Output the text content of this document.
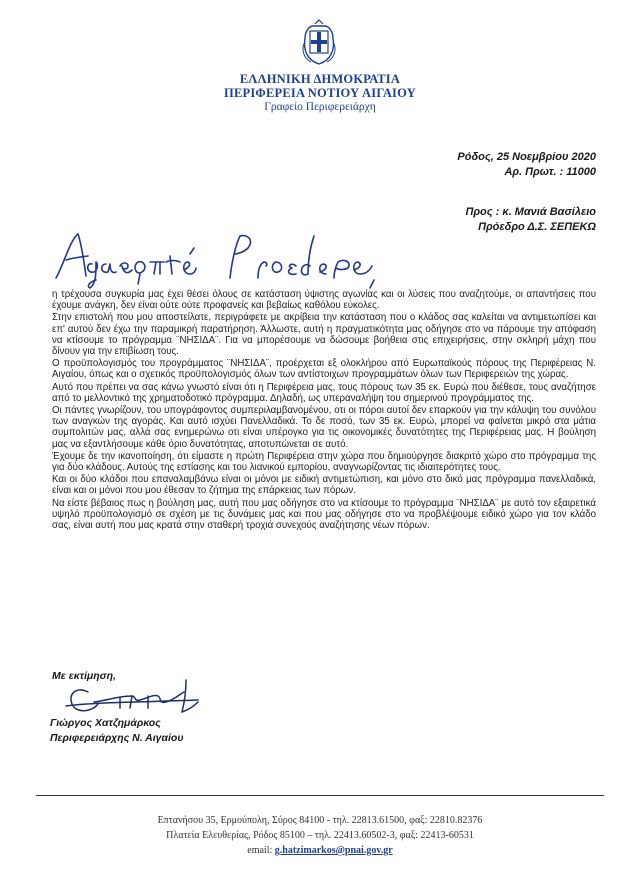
ΕΛΛΗΝΙΚΗ ΔΗΜΟΚΡΑΤΙΑ
ΠΕΡΙΦΕΡΕΙΑ ΝΟΤΙΟΥ ΑΙΓΑΙΟΥ
Γραφείο Περιφερειάρχη
Ρόδος, 25 Νοεμβρίου 2020
Αρ. Πρωτ. : 11000
Προς : κ. Μανιά Βασίλειο
Πρόεδρο Δ.Σ. ΣΕΠΕΚΩ

η τρέχουσα συγκυρία μας έχει θέσει όλους σε κατάσταση ύψιστης αγωνίας και οι λύσεις που αναζητούμε, οι απαντήσεις που έχουμε ανάγκη, δεν είναι ούτε ούτε προφανείς και βεβαίως καθόλου εύκολες.

Στην επιστολή που μου αποστείλατε, περιγράφετε με ακρίβεια την κατάσταση που ο κλάδος σας καλείται να αντιμετωπίσει και επ' αυτού δεν έχω την παραμικρή παρατήρηση. Άλλωστε, αυτή η πραγματικότητα μας οδήγησε στο να πάρουμε την απόφαση να κτίσουμε το πρόγραμμα ¨ΝΗΣΙΔΑ¨. Για να μπορέσουμε να δώσουμε βοήθεια στις επιχειρήσεις, στην σκληρή μάχη που δίνουν για την επιβίωση τους.

Ο προϋπολογισμός του προγράμματος ¨ΝΗΣΙΔΑ¨, προέρχεται εξ ολοκλήρου από Ευρωπαϊκούς πόρους της Περιφέρειας Ν. Αιγαίου, όπως και ο σχετικός προϋπολογισμός όλων των αντίστοιχων προγραμμάτων όλων των Περιφερειών της χώρας.

Αυτό που πρέπει να σας κάνω γνωστό είναι ότι η Περιφέρεια μας, τους πόρους των 35 εκ. Ευρώ που διέθεσε, τους αναζήτησε από το μελλοντικό της χρηματοδοτικό πρόγραμμα. Δηλαδή, ως υπεραναλήψη του σημερινού προγράμματος της.

Οι πάντες γνωρίζουν, του υπογράφοντος συμπεριλαμβανομένου, οτι οι πόροι αυτοί δεν επαρκούν για την κάλυψη του συνόλου των αναγκών της αγοράς. Και αυτό ισχύει Πανελλαδικά. Το δε ποσό, των 35 εκ. Ευρώ, μπορεί να φαίνεται μικρό στα μάτια συμπολιτών μας, αλλά σας ενημερώνω οτι είναι υπέρογκο για τις οικονομικές δυνατότητες της Περιφέρειας μας. Η βούληση μας να εξαντλήσουμε κάθε όριο δυνατότητας, αποτυπώνεται σε αυτό.

Έχουμε δε την ικανοποίηση, ότι είμαστε η πρώτη Περιφέρεια στην χώρα που δημιούργησε διακριτό χώρο στο πρόγραμμα της για δύο κλάδους. Αυτούς της εστίασης και του λιανικού εμπορίου, αναγνωρίζοντας τις ιδιαιτερότητες τους.

Και οι δύο κλάδοι που επαναλαμβάνω είναι οι μόνοι με ειδική αντιμετώπιση, και μόνο στο δικό μας πρόγραμμα πανελλαδικά, είναι και οι μόνοι που μου έθεσαν το ζήτημα της επάρκειας των πόρων.

Να είστε βέβαιος πως η βούληση μας, αυτή που μας οδήγησε στο να κτίσουμε το πρόγραμμα ¨ΝΗΣΙΔΑ¨ με αυτό τον εξαιρετικά υψηλό προϋπολογισμό σε σχέση με τις δυνάμεις μας και που μας οδήγησε στο να προβλέψουμε ειδικό χώρο για τον κλάδο σας, είναι αυτή που μας κρατά στην σταθερή τροχιά συνεχούς αναζήτησης νέων πόρων.

Με εκτίμηση,
Γιώργος Χατζημάρκος
Περιφερειάρχης Ν. Αιγαίου
Επτανήσου 35, Ερμούπολη, Σύρος 84100 - τηλ. 22813.61500, φαξ: 22810.82376
Πλατεία Ελευθερίας, Ρόδος 85100 – τηλ. 22413.60502-3, φαξ: 22413-60531
email: g.hatzimarkos@pnai.gov.gr
